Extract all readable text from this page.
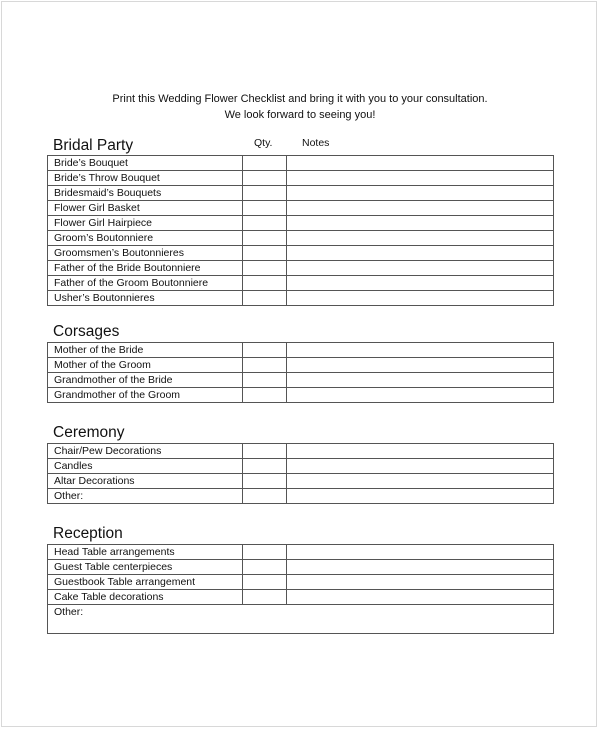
Print this Wedding Flower Checklist and bring it with you to your consultation.
We look forward to seeing you!
Bridal Party	Qty.	Notes
Bride’s Bouquet		
Bride’s Throw Bouquet		
Bridesmaid’s Bouquets		
Flower Girl Basket		
Flower Girl Hairpiece		
Groom’s Boutonniere		
Groomsmen’s Boutonnieres		
Father of the Bride Boutonniere		
Father of the Groom Boutonniere		
Usher’s Boutonnieres		
Corsages
Mother of the Bride		
Mother of the Groom		
Grandmother of the Bride		
Grandmother of the Groom		
Ceremony
Chair/Pew Decorations		
Candles		
Altar Decorations		
Other:		
Reception
Head Table arrangements		
Guest Table centerpieces		
Guestbook Table arrangement		
Cake Table decorations		
Other:		
